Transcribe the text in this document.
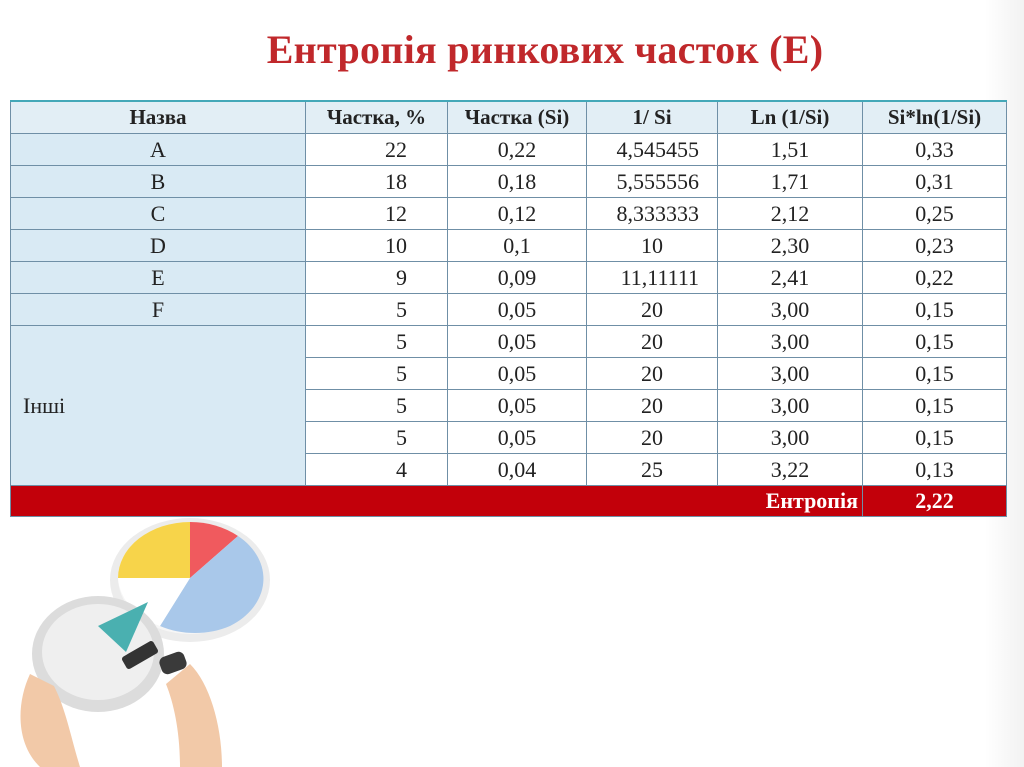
Ентропія ринкових часток (E)
Назва	Частка, %	Частка (Si)	1/ Si	Ln (1/Si)	Si*ln(1/Si)
A	22	0,22	4,545455	1,51	0,33
B	18	0,18	5,555556	1,71	0,31
C	12	0,12	8,333333	2,12	0,25
D	10	0,1	10	2,30	0,23
E	9	0,09	11,11111	2,41	0,22
F	5	0,05	20	3,00	0,15
Інші	5	0,05	20	3,00	0,15
	5	0,05	20	3,00	0,15
	5	0,05	20	3,00	0,15
	5	0,05	20	3,00	0,15
	4	0,04	25	3,22	0,13
Ентропія					2,22
